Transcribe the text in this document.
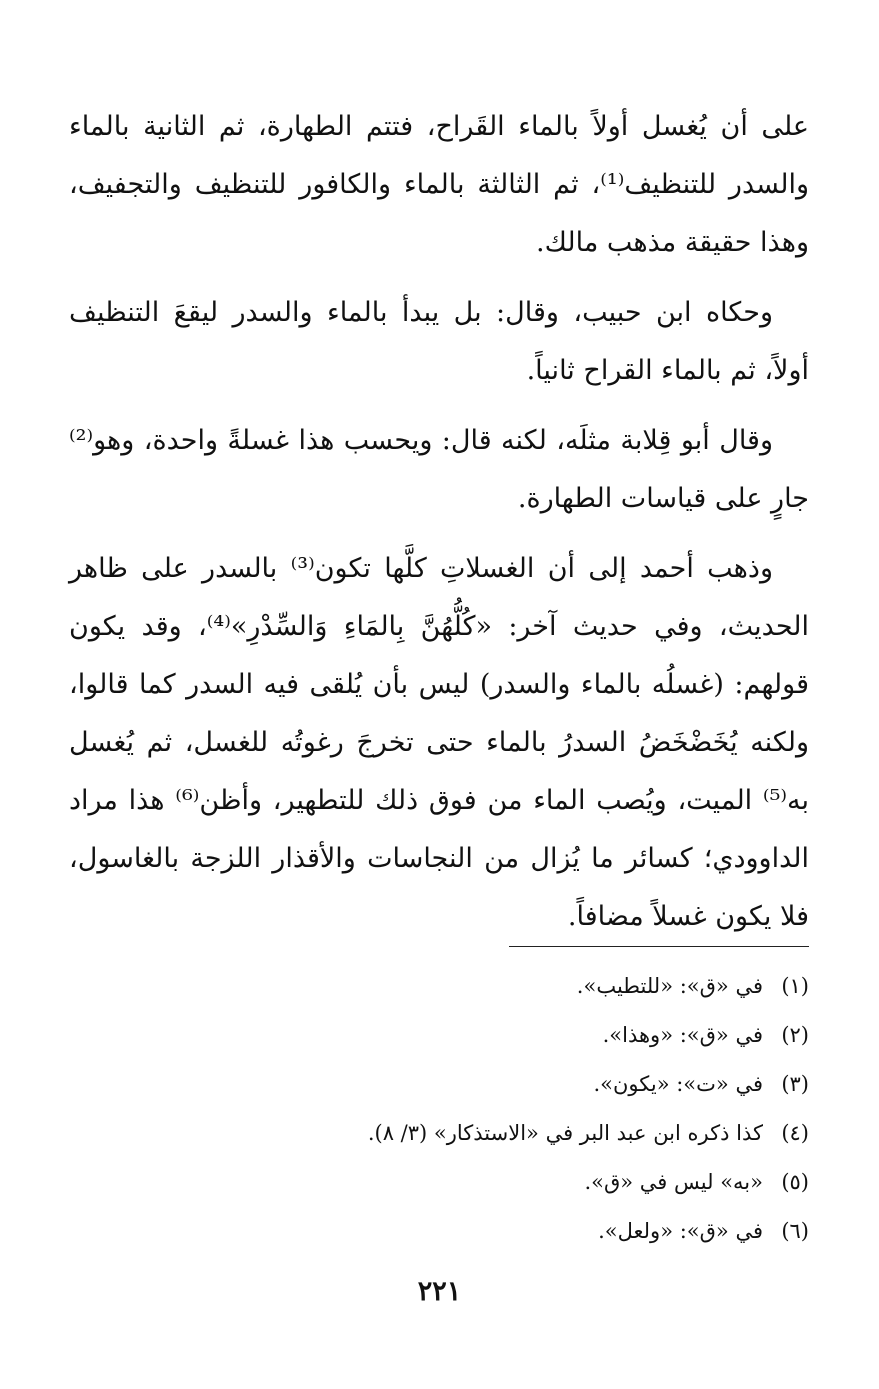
على أن يُغسل أولاً بالماء القَراح، فتتم الطهارة، ثم الثانية بالماء والسدر للتنظيف⁽¹⁾، ثم الثالثة بالماء والكافور للتنظيف والتجفيف، وهذا حقيقة مذهب مالك.

وحكاه ابن حبيب، وقال: بل يبدأ بالماء والسدر ليقعَ التنظيف أولاً، ثم بالماء القراح ثانياً.

وقال أبو قِلابة مثلَه، لكنه قال: ويحسب هذا غسلةً واحدة، وهو⁽²⁾ جارٍ على قياسات الطهارة.

وذهب أحمد إلى أن الغسلاتِ كلَّها تكون⁽³⁾ بالسدر على ظاهر الحديث، وفي حديث آخر: «كُلُّهُنَّ بِالمَاءِ وَالسِّدْرِ»⁽⁴⁾، وقد يكون قولهم: (غسلُه بالماء والسدر) ليس بأن يُلقى فيه السدر كما قالوا، ولكنه يُخَضْخَضُ السدرُ بالماء حتى تخرجَ رغوتُه للغسل، ثم يُغسل به⁽⁵⁾ الميت، ويُصب الماء من فوق ذلك للتطهير، وأظن⁽⁶⁾ هذا مراد الداوودي؛ كسائر ما يُزال من النجاسات والأقذار اللزجة بالغاسول، فلا يكون غسلاً مضافاً.

(١)
في «ق»: «للتطيب».
(٢)
في «ق»: «وهذا».
(٣)
في «ت»: «يكون».
(٤)
كذا ذكره ابن عبد البر في «الاستذكار» (٣/ ٨).
(٥)
«به» ليس في «ق».
(٦)
في «ق»: «ولعل».
٢٢١
